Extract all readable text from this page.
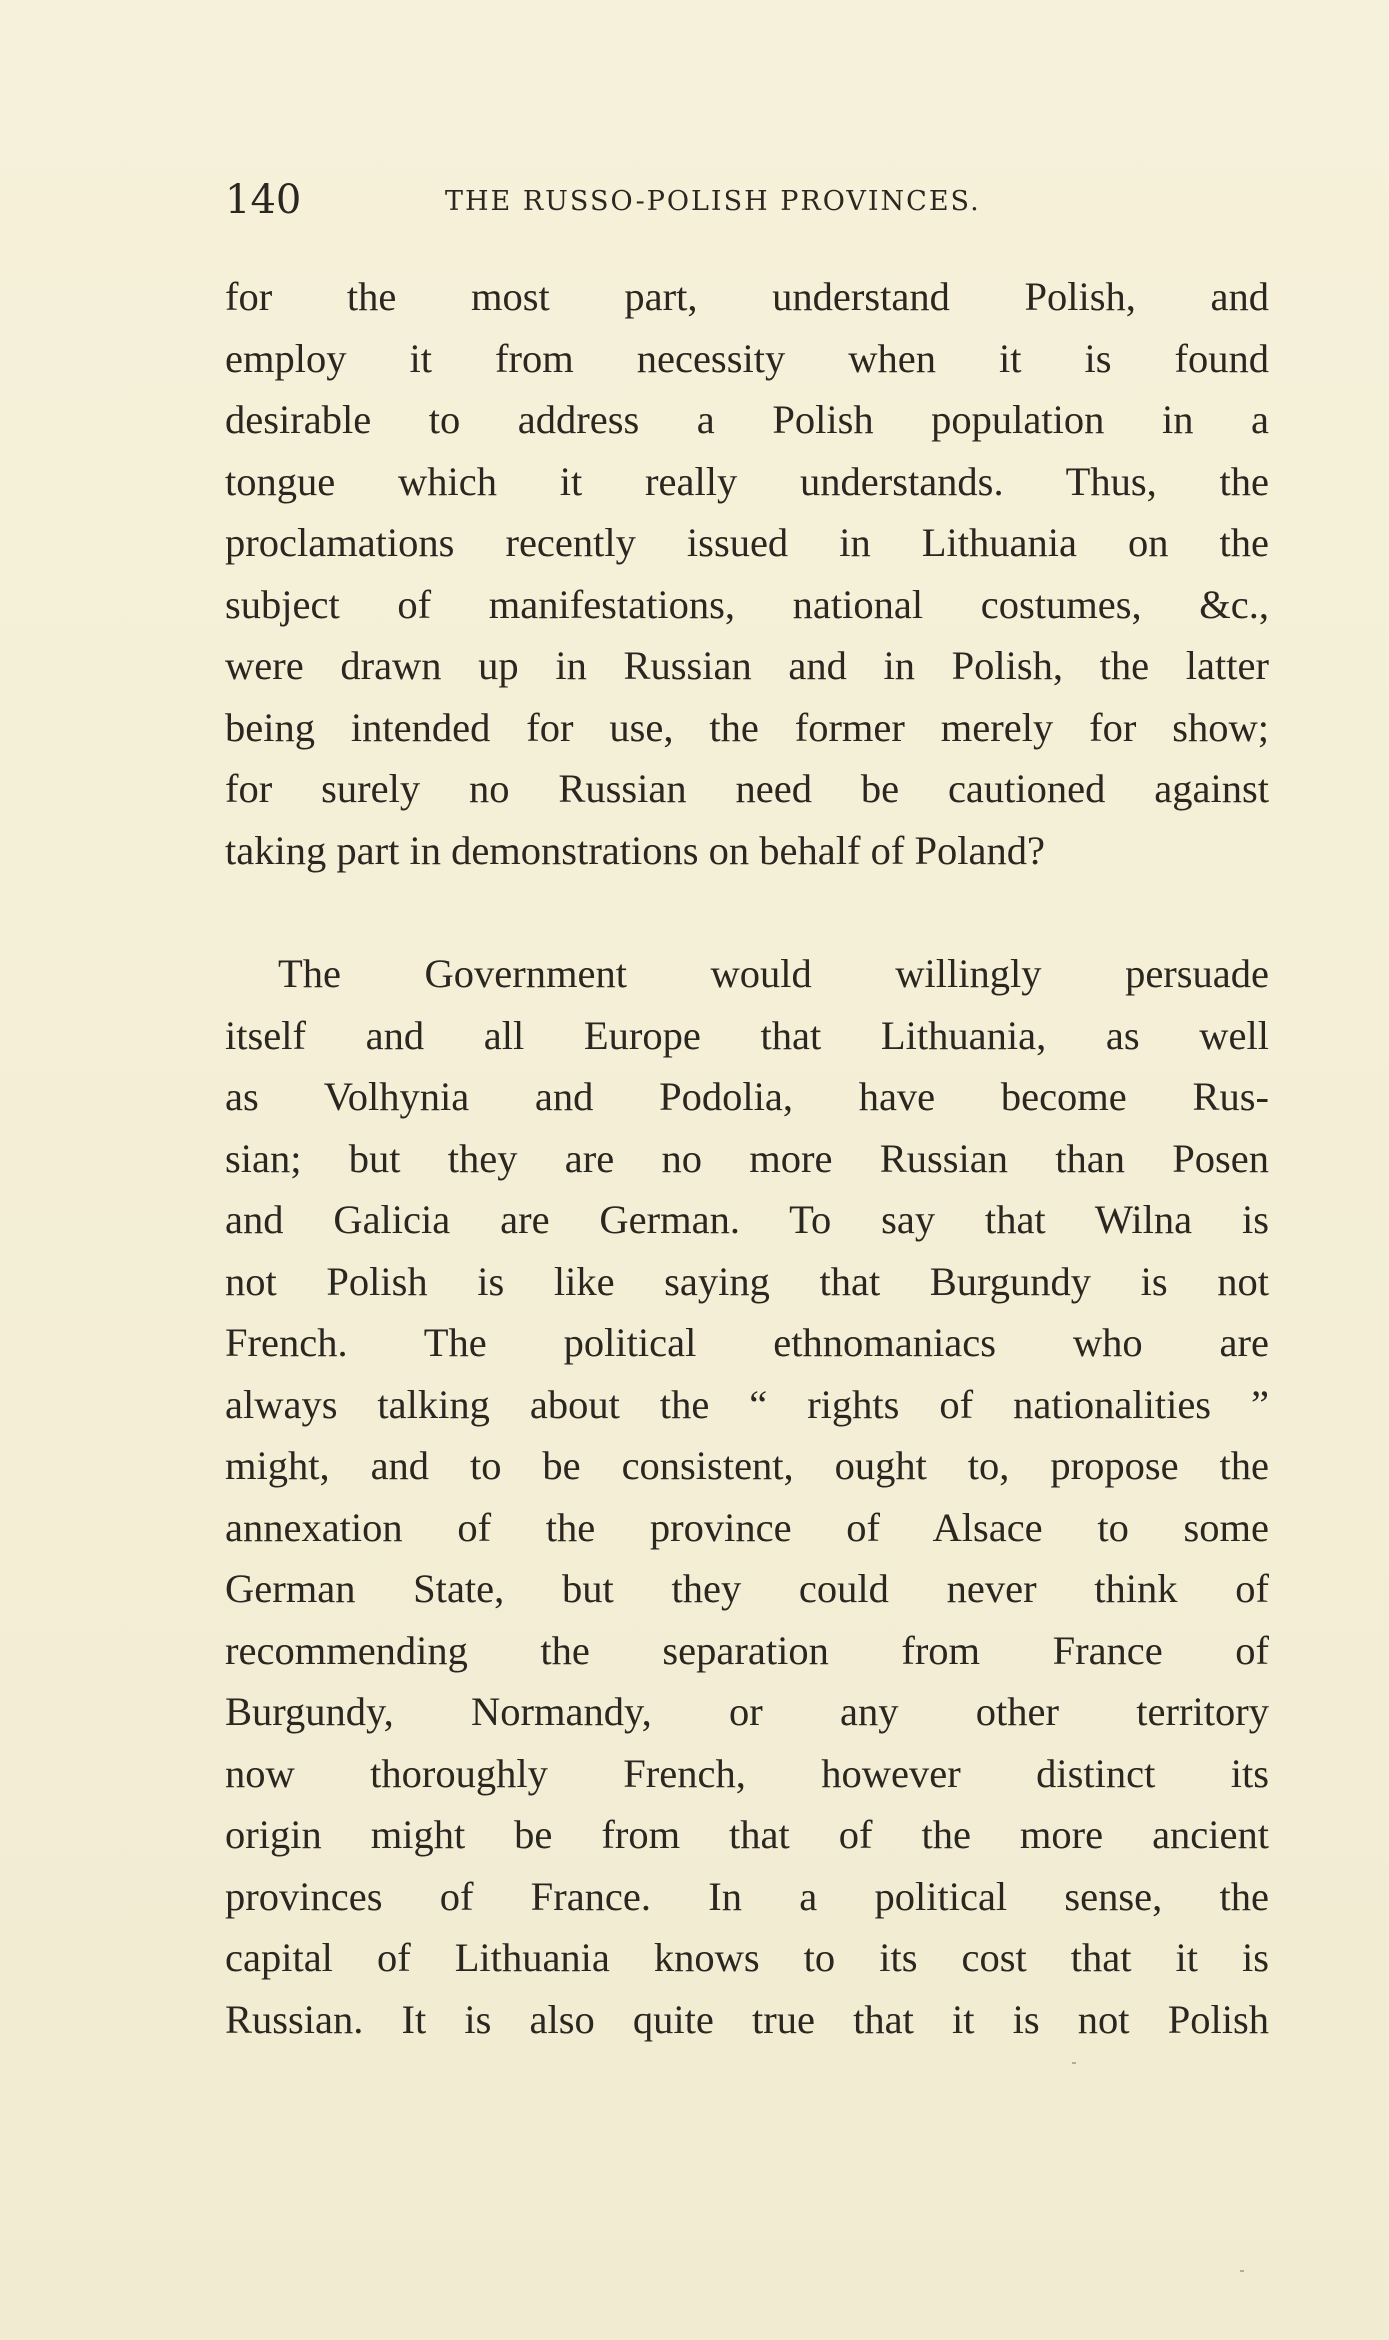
140	THE RUSSO-POLISH PROVINCES.
for the most part, understand Polish, and
employ it from necessity when it is found
desirable to address a Polish population in a
tongue which it really understands. Thus, the
proclamations recently issued in Lithuania on the
subject of manifestations, national costumes, &c.,
were drawn up in Russian and in Polish, the latter
being intended for use, the former merely for show;
for surely no Russian need be cautioned against
taking part in demonstrations on behalf of Poland?
The Government would willingly persuade
itself and all Europe that Lithuania, as well
as Volhynia and Podolia, have become Rus-
sian; but they are no more Russian than Posen
and Galicia are German. To say that Wilna is
not Polish is like saying that Burgundy is not
French. The political ethnomaniacs who are
always talking about the “ rights of nationalities ”
might, and to be consistent, ought to, propose the
annexation of the province of Alsace to some
German State, but they could never think of
recommending the separation from France of
Burgundy, Normandy, or any other territory
now thoroughly French, however distinct its
origin might be from that of the more ancient
provinces of France. In a political sense, the
capital of Lithuania knows to its cost that it is
Russian. It is also quite true that it is not Polish
